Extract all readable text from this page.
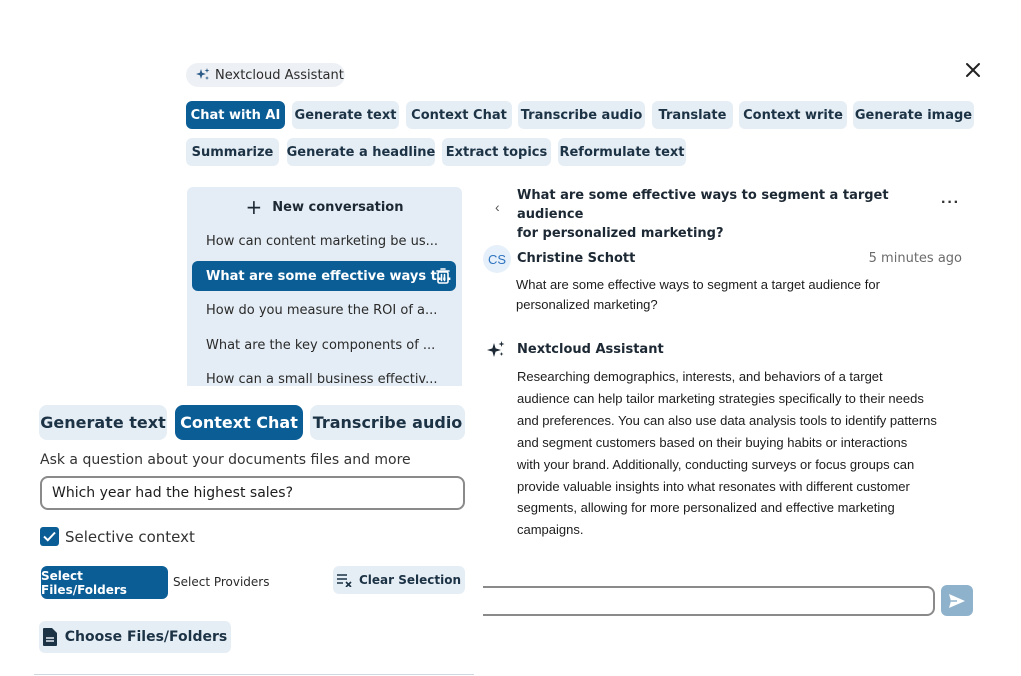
Nextcloud Assistant
Chat with AI	Generate text	Context Chat	Transcribe audio	Translate	Context write Generate image
Summarize	Generate a headline Extract topics Reformulate text
+ New conversation
How can content marketing be us...
What are some effective ways t...
How do you measure the ROI of a...
What are the key components of ...
How can a small business effectiv...
‹
What are some effective ways to segment a target audience
for personalized marketing?
···
CS Christine Schott	5 minutes ago
What are some effective ways to segment a target audience for
personalized marketing?
Nextcloud Assistant
Researching demographics, interests, and behaviors of a target
audience can help tailor marketing strategies specifically to their needs
and preferences. You can also use data analysis tools to identify patterns
and segment customers based on their buying habits or interactions
with your brand. Additionally, conducting surveys or focus groups can
provide valuable insights into what resonates with different customer
segments, allowing for more personalized and effective marketing
campaigns.
Generate text Context Chat Transcribe audio
Ask a question about your documents files and more
Which year had the highest sales?
Selective context
Select Files/Folders
Select Providers	Clear Selection
Choose Files/Folders
